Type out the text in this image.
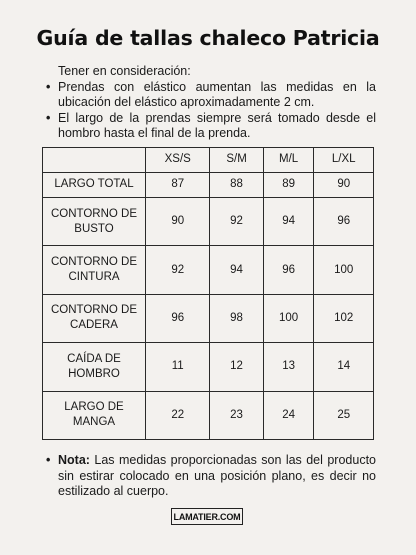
Guía de tallas chaleco Patricia

Tener en consideración:

• Prendas con elástico aumentan las medidas en la ubicación del elástico aproximadamente 2 cm.
• El largo de la prendas siempre será tomado desde el hombro hasta el final de la prenda.
	XS/S	S/M	M/L	L/XL
LARGO TOTAL	87	88	89	90
CONTORNO DE BUSTO	90	92	94	96
CONTORNO DE CINTURA	92	94	96	100
CONTORNO DE CADERA	96	98	100	102
CAÍDA DE HOMBRO	11	12	13	14
LARGO DE MANGA	22	23	24	25
• Nota: Las medidas proporcionadas son las del producto sin estirar colocado en una posición plano, es decir no estilizado al cuerpo.
LAMATIER.COM
